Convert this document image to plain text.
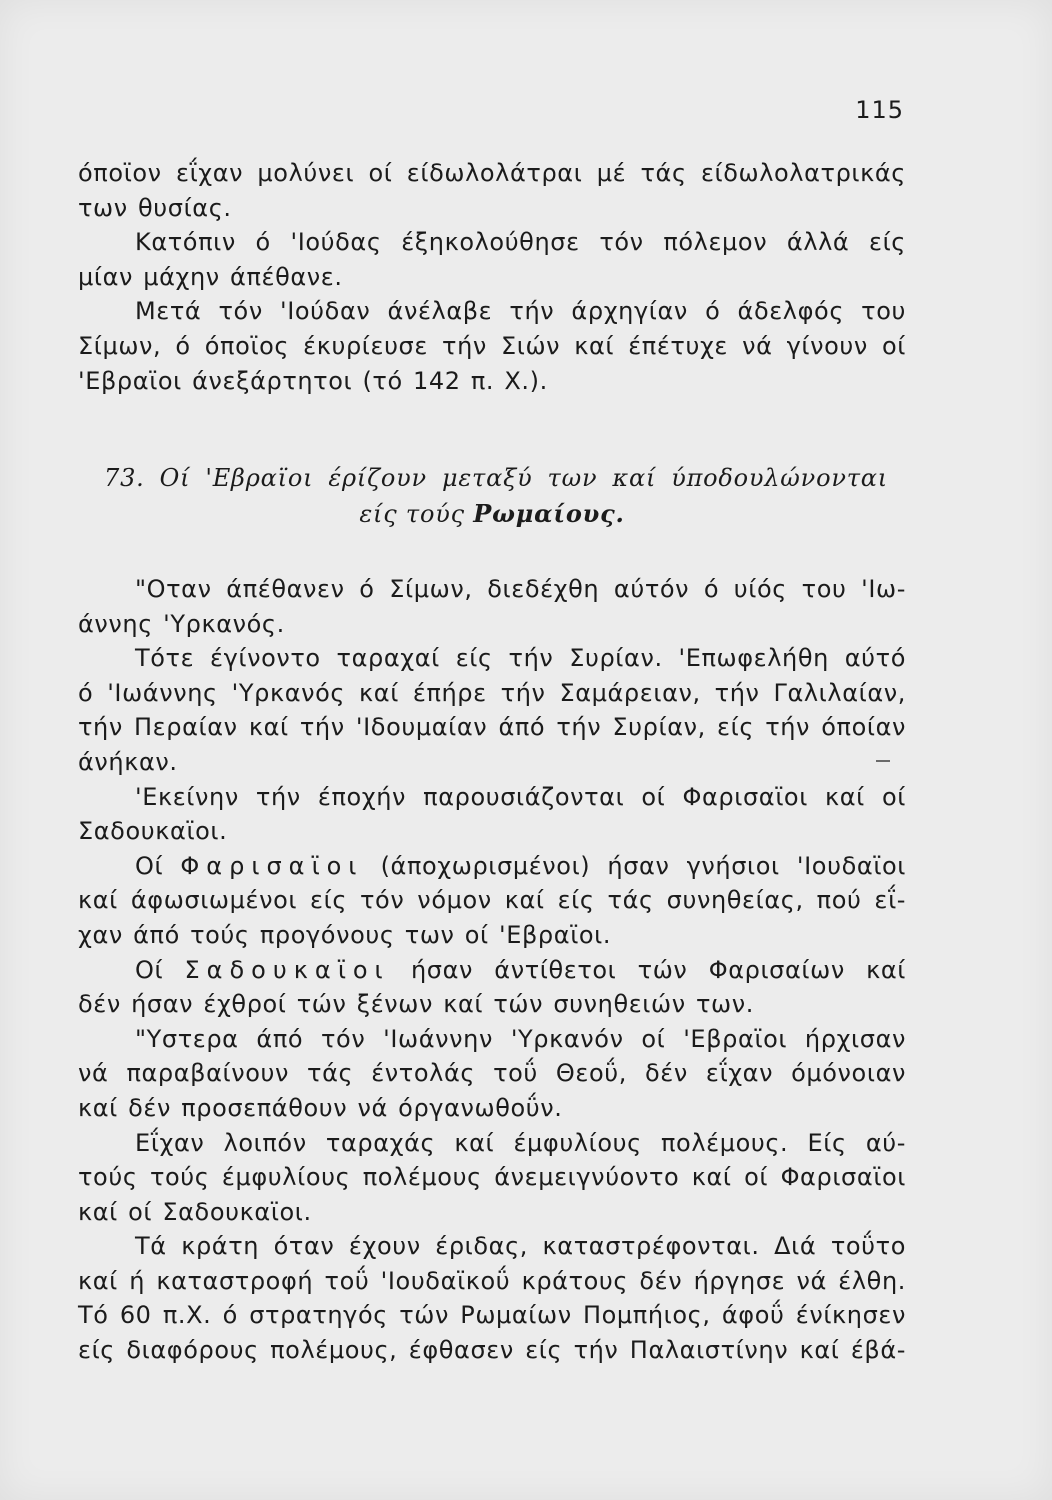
115
όποϊον εΐχαν μολύνει οί είδωλολάτραι μέ τάς είδωλολατρικάς
των θυσίας.
Κατόπιν ό 'Ιούδας έξηκολούθησε τόν πόλεμον άλλά είς
μίαν μάχην άπέθανε.
Μετά τόν 'Ιούδαν άνέλαβε τήν άρχηγίαν ό άδελφός του
Σίμων, ό όποϊος έκυρίευσε τήν Σιών καί έπέτυχε νά γίνουν οί
'Εβραϊοι άνεξάρτητοι (τό 142 π. Χ.).
73. Οί 'Εβραϊοι έρίζουν μεταξύ των καί ύποδουλώνονται
είς τούς Ρωμαίους.
"Οταν άπέθανεν ό Σίμων, διεδέχθη αύτόν ό υίός του 'Ιω-
άννης 'Υρκανός.
Τότε έγίνοντο ταραχαί είς τήν Συρίαν. 'Επωφελήθη αύτό
ό 'Ιωάννης 'Υρκανός καί έπήρε τήν Σαμάρειαν, τήν Γαλιλαίαν,
τήν Περαίαν καί τήν 'Ιδουμαίαν άπό τήν Συρίαν, είς τήν όποίαν
άνήκαν.
'Εκείνην τήν έποχήν παρουσιάζονται οί Φαρισαϊοι καί οί
Σαδουκαϊοι.
Οί Φαρισαϊοι (άποχωρισμένοι) ήσαν γνήσιοι 'Ιουδαϊοι
καί άφωσιωμένοι είς τόν νόμον καί είς τάς συνηθείας, πού εΐ-
χαν άπό τούς προγόνους των οί 'Εβραϊοι.
Οί Σαδουκαϊοι ήσαν άντίθετοι τών Φαρισαίων καί
δέν ήσαν έχθροί τών ξένων καί τών συνηθειών των.
"Υστερα άπό τόν 'Ιωάννην 'Υρκανόν οί 'Εβραϊοι ήρχισαν
νά παραβαίνουν τάς έντολάς τοΰ Θεοΰ, δέν εΐχαν όμόνοιαν
καί δέν προσεπάθουν νά όργανωθοΰν.
Εΐχαν λοιπόν ταραχάς καί έμφυλίους πολέμους. Είς αύ-
τούς τούς έμφυλίους πολέμους άνεμειγνύοντο καί οί Φαρισαϊοι
καί οί Σαδουκαϊοι.
Τά κράτη όταν έχουν έριδας, καταστρέφονται. Διά τοΰτο
καί ή καταστροφή τοΰ 'Ιουδαϊκοΰ κράτους δέν ήργησε νά έλθη.
Τό 60 π.Χ. ό στρατηγός τών Ρωμαίων Πομπήιος, άφοΰ ένίκησεν
είς διαφόρους πολέμους, έφθασεν είς τήν Παλαιστίνην καί έβά-
